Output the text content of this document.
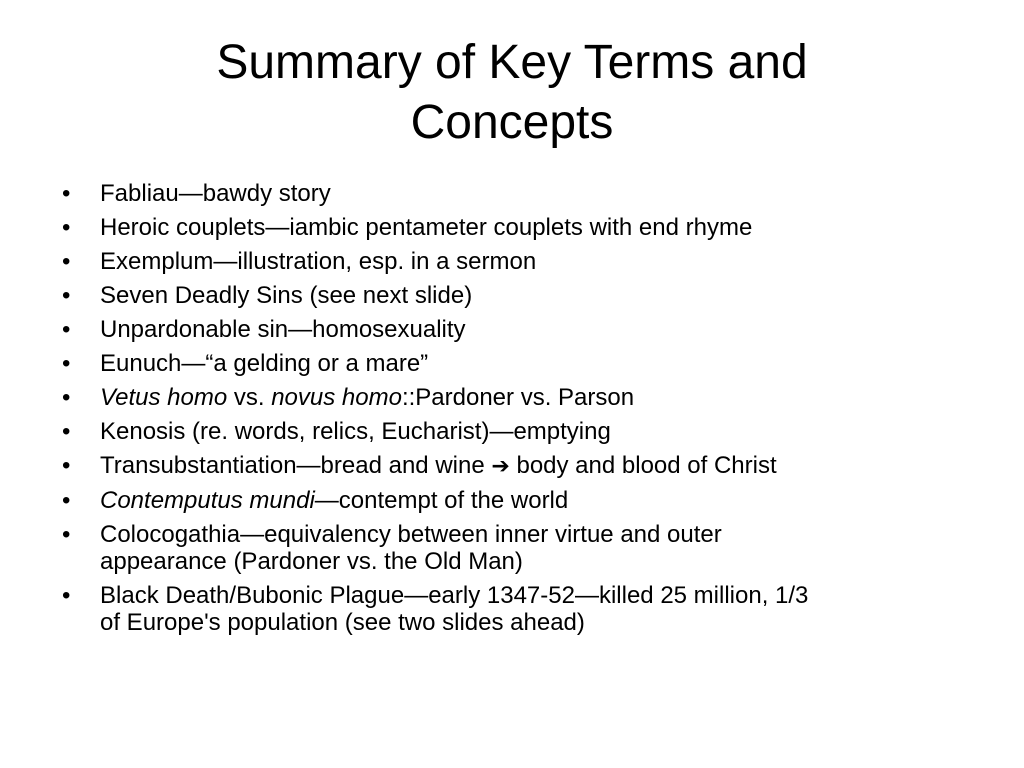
Summary of Key Terms and
Concepts
• Fabliau—bawdy story
• Heroic couplets—iambic pentameter couplets with end rhyme
• Exemplum—illustration, esp. in a sermon
• Seven Deadly Sins (see next slide)
• Unpardonable sin—homosexuality
• Eunuch—“a gelding or a mare”
• Vetus homo vs. novus homo::Pardoner vs. Parson
• Kenosis (re. words, relics, Eucharist)—emptying
• Transubstantiation—bread and wine ➔ body and blood of Christ
• Contemputus mundi—contempt of the world
• Colocogathia—equivalency between inner virtue and outer
appearance (Pardoner vs. the Old Man)
• Black Death/Bubonic Plague—early 1347-52—killed 25 million, 1/3
of Europe's population (see two slides ahead)
